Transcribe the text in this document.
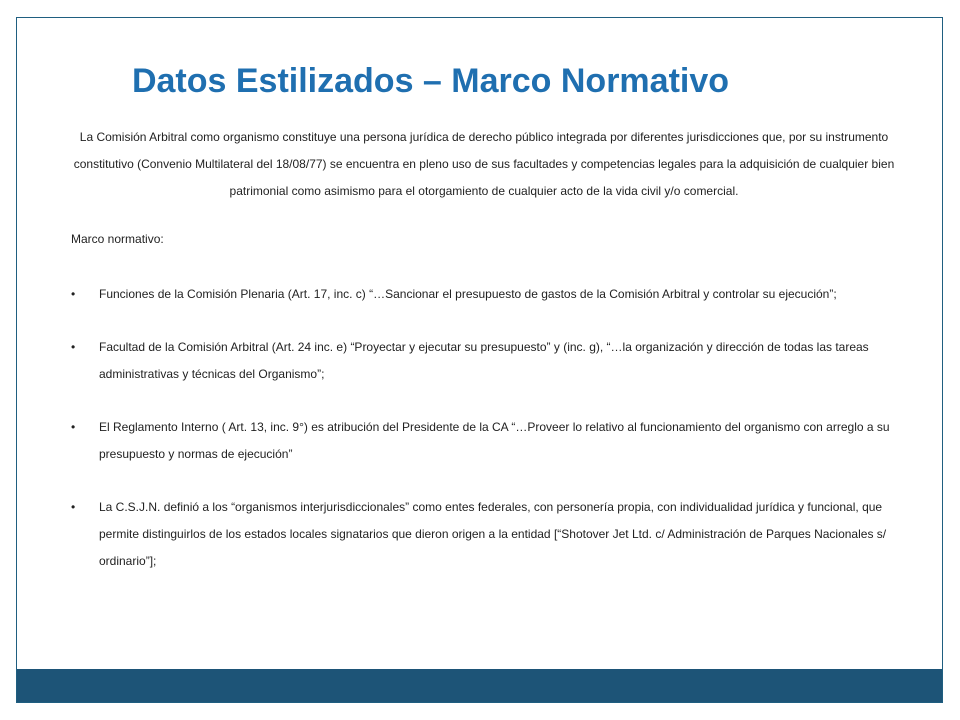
Datos Estilizados – Marco Normativo

La Comisión Arbitral como organismo constituye una persona jurídica de derecho público integrada por diferentes jurisdicciones que, por su instrumento constitutivo (Convenio Multilateral del 18/08/77) se encuentra en pleno uso de sus facultades y competencias legales para la adquisición de cualquier bien patrimonial como asimismo para el otorgamiento de cualquier acto de la vida civil y/o comercial.

Marco normativo:

• Funciones de la Comisión Plenaria (Art. 17, inc. c) “…Sancionar el presupuesto de gastos de la Comisión Arbitral y controlar su ejecución”;
• Facultad de la Comisión Arbitral (Art. 24 inc. e) “Proyectar y ejecutar su presupuesto” y (inc. g), “…la organización y dirección de todas las tareas administrativas y técnicas del Organismo”;
• El Reglamento Interno ( Art. 13, inc. 9°) es atribución del Presidente de la CA “…Proveer lo relativo al funcionamiento del organismo con arreglo a su presupuesto y normas de ejecución”
• La C.S.J.N. definió a los “organismos interjurisdiccionales” como entes federales, con personería propia, con individualidad jurídica y funcional, que permite distinguirlos de los estados locales signatarios que dieron origen a la entidad [“Shotover Jet Ltd. c/ Administración de Parques Nacionales s/ ordinario”];
